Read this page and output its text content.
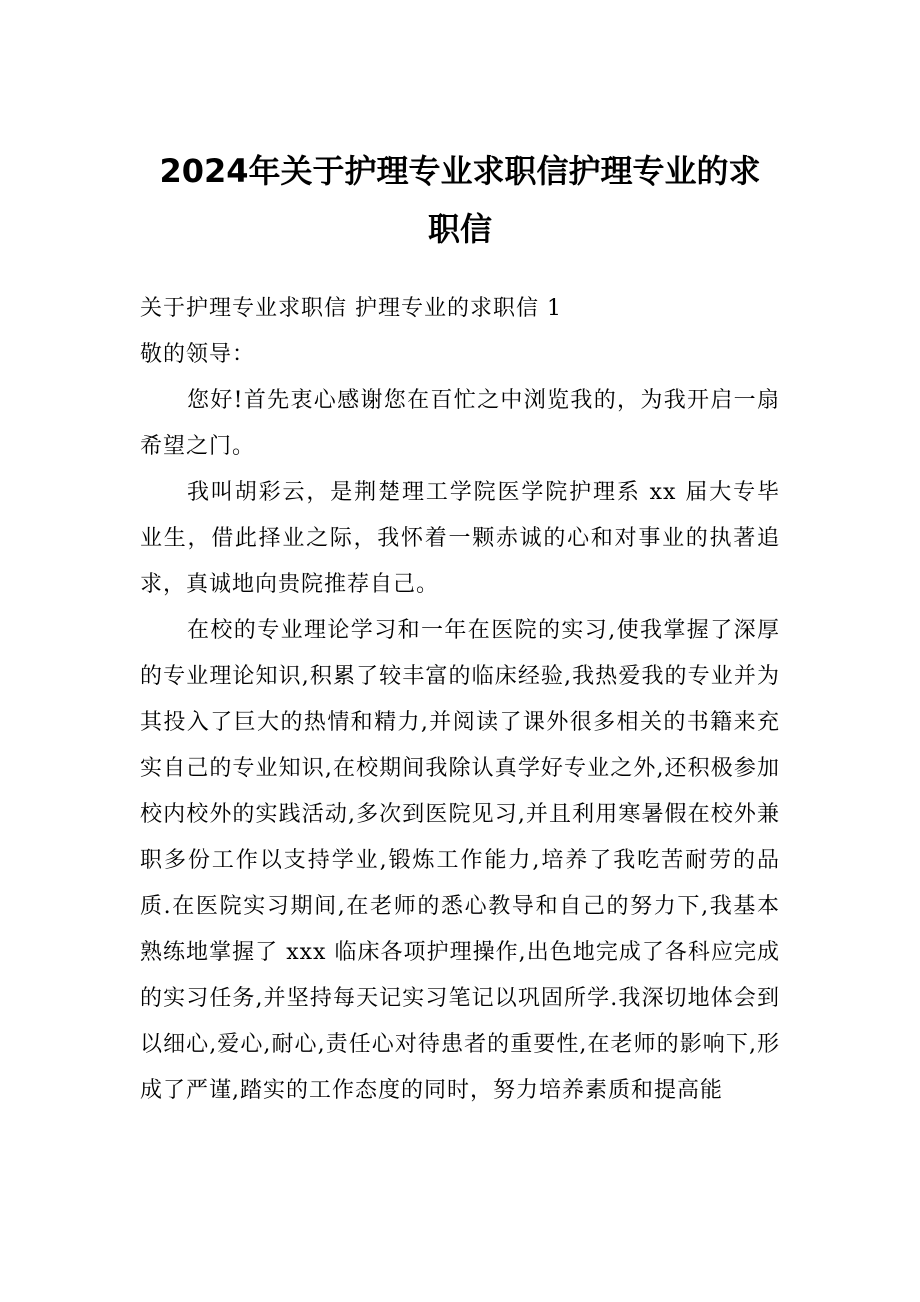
2024年关于护理专业求职信护理专业的求
职信

关于护理专业求职信 护理专业的求职信 1

敬的领导：

您好!首先衷心感谢您在百忙之中浏览我的，为我开启一扇希望之门。

我叫胡彩云，是荆楚理工学院医学院护理系 xx 届大专毕业生，借此择业之际，我怀着一颗赤诚的心和对事业的执著追求，真诚地向贵院推荐自己。

在校的专业理论学习和一年在医院的实习,使我掌握了深厚的专业理论知识,积累了较丰富的临床经验,我热爱我的专业并为其投入了巨大的热情和精力,并阅读了课外很多相关的书籍来充实自己的专业知识,在校期间我除认真学好专业之外,还积极参加校内校外的实践活动,多次到医院见习,并且利用寒暑假在校外兼职多份工作以支持学业,锻炼工作能力,培养了我吃苦耐劳的品质.在医院实习期间,在老师的悉心教导和自己的努力下,我基本熟练地掌握了 xxx 临床各项护理操作,出色地完成了各科应完成的实习任务,并坚持每天记实习笔记以巩固所学.我深切地体会到以细心,爱心,耐心,责任心对待患者的重要性,在老师的影响下,形成了严谨,踏实的工作态度的同时，努力培养素质和提高能
